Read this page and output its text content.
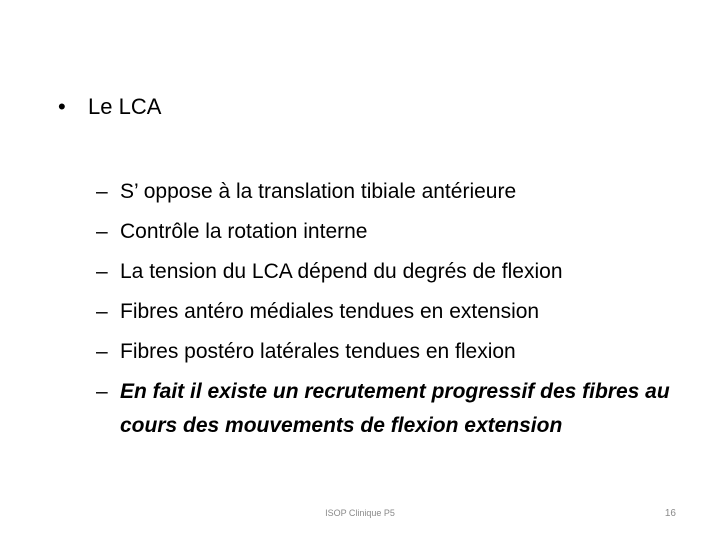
•	Le LCA
– S’ oppose à la translation tibiale antérieure
– Contrôle la rotation interne
– La tension du LCA dépend du degrés de flexion
– Fibres antéro médiales tendues en extension
– Fibres postéro latérales tendues en flexion
– En fait il existe un recrutement progressif des fibres au cours des mouvements de flexion extension
ISOP Clinique P5	16
